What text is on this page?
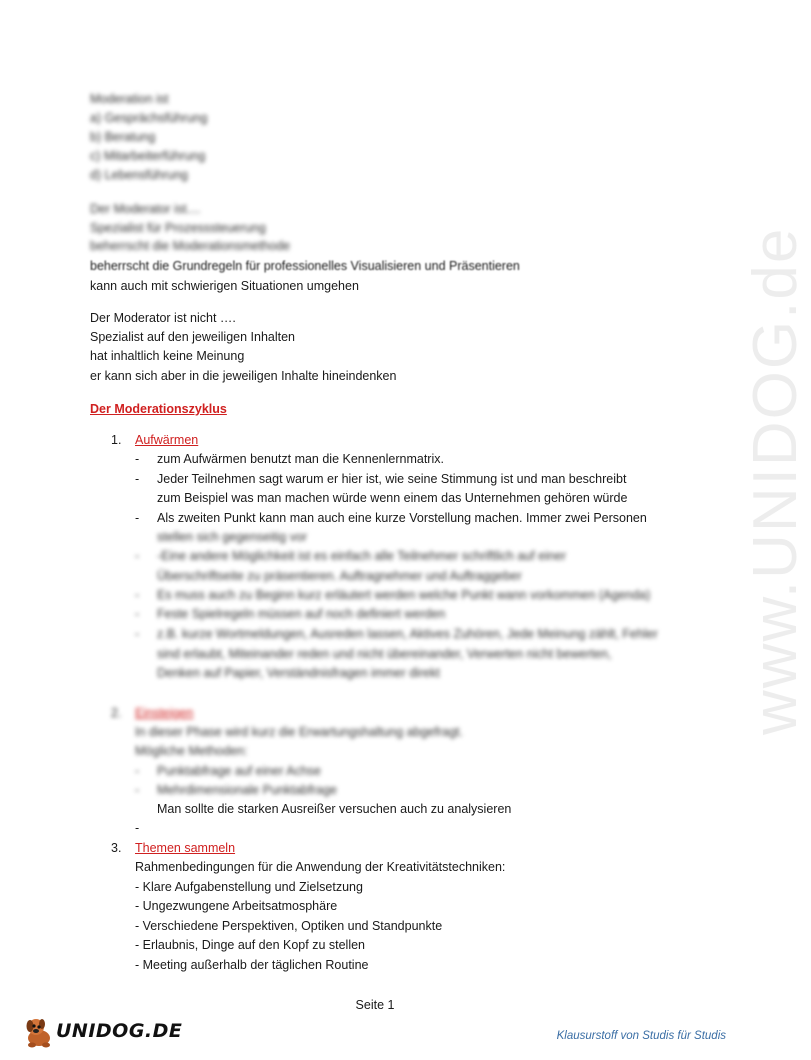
www.UNIDOG.de
Moderation ist
a) Gesprächsführung
b) Beratung
c) Mitarbeiterführung
d) Lebensführung
Der Moderator ist....
Spezialist für Prozesssteuerung
beherrscht die Moderationsmethode
beherrscht die Grundregeln für professionelles Visualisieren und Präsentieren
kann auch mit schwierigen Situationen umgehen
Der Moderator ist nicht ….
Spezialist auf den jeweiligen Inhalten
hat inhaltlich keine Meinung
er kann sich aber in die jeweiligen Inhalte hineindenken
Der Moderationszyklus
1. Aufwärmen
- zum Aufwärmen benutzt man die Kennenlernmatrix.
- Jeder Teilnehmen sagt warum er hier ist, wie seine Stimmung ist und man beschreibt
zum Beispiel was man machen würde wenn einem das Unternehmen gehören würde
- Als zweiten Punkt kann man auch eine kurze Vorstellung machen. Immer zwei Personen
stellen sich gegenseitig vor
- -Eine andere Möglichkeit ist es einfach alle Teilnehmer schriftlich auf einer
Überschriftseite zu präsentieren. Auftragnehmer und Auftraggeber
- Es muss auch zu Beginn kurz erläutert werden welche Punkt wann vorkommen (Agenda)
- Feste Spielregeln müssen auf noch definiert werden
- z.B. kurze Wortmeldungen, Ausreden lassen, Aktives Zuhören, Jede Meinung zählt, Fehler
sind erlaubt, Miteinander reden und nicht übereinander, Verwerten nicht bewerten,
Denken auf Papier, Verständnisfragen immer direkt
2. Einsteigen
In dieser Phase wird kurz die Erwartungshaltung abgefragt.
Mögliche Methoden:
- Punktabfrage auf einer Achse
- Mehrdimensionale Punktabfrage
Man sollte die starken Ausreißer versuchen auch zu analysieren
-
3. Themen sammeln
Rahmenbedingungen für die Anwendung der Kreativitätstechniken:
- Klare Aufgabenstellung und Zielsetzung
- Ungezwungene Arbeitsatmosphäre
- Verschiedene Perspektiven, Optiken und Standpunkte
- Erlaubnis, Dinge auf den Kopf zu stellen
- Meeting außerhalb der täglichen Routine
Seite 1
UNIDOG.DE	Klausurstoff von Studis für Studis
